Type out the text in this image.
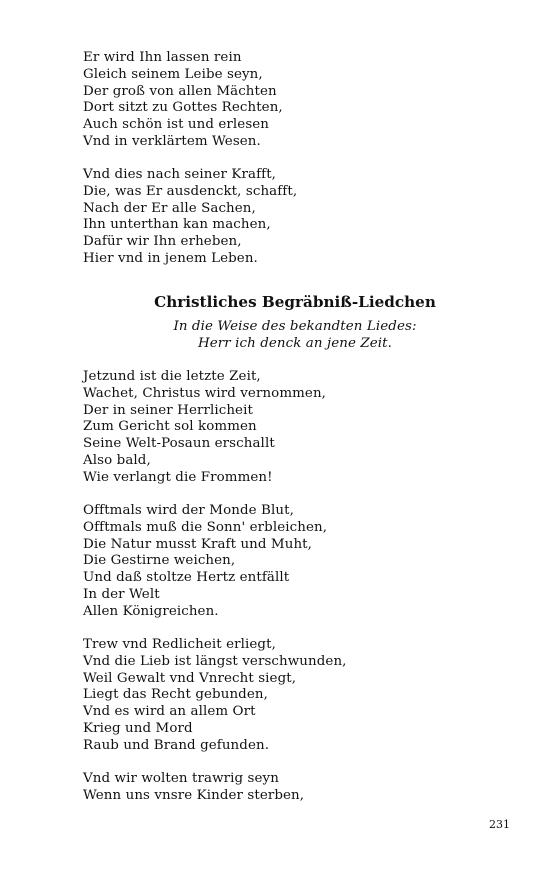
Er wird Ihn lassen rein
Gleich seinem Leibe seyn,
Der groß von allen Mächten
Dort sitzt zu Gottes Rechten,
Auch schön ist und erlesen
Vnd in verklärtem Wesen.
Vnd dies nach seiner Krafft,
Die, was Er ausdenckt, schafft,
Nach der Er alle Sachen,
Ihn unterthan kan machen,
Dafür wir Ihn erheben,
Hier vnd in jenem Leben.
Christliches Begräbniß-Liedchen
In die Weise des bekandten Liedes:
Herr ich denck an jene Zeit.
Jetzund ist die letzte Zeit,
Wachet, Christus wird vernommen,
Der in seiner Herrlicheit
Zum Gericht sol kommen
Seine Welt-Posaun erschallt
Also bald,
Wie verlangt die Frommen!
Offtmals wird der Monde Blut,
Offtmals muß die Sonn' erbleichen,
Die Natur musst Kraft und Muht,
Die Gestirne weichen,
Und daß stoltze Hertz entfällt
In der Welt
Allen Königreichen.
Trew vnd Redlicheit erliegt,
Vnd die Lieb ist längst verschwunden,
Weil Gewalt vnd Vnrecht siegt,
Liegt das Recht gebunden,
Vnd es wird an allem Ort
Krieg und Mord
Raub und Brand gefunden.
Vnd wir wolten trawrig seyn
Wenn uns vnsre Kinder sterben,
231
